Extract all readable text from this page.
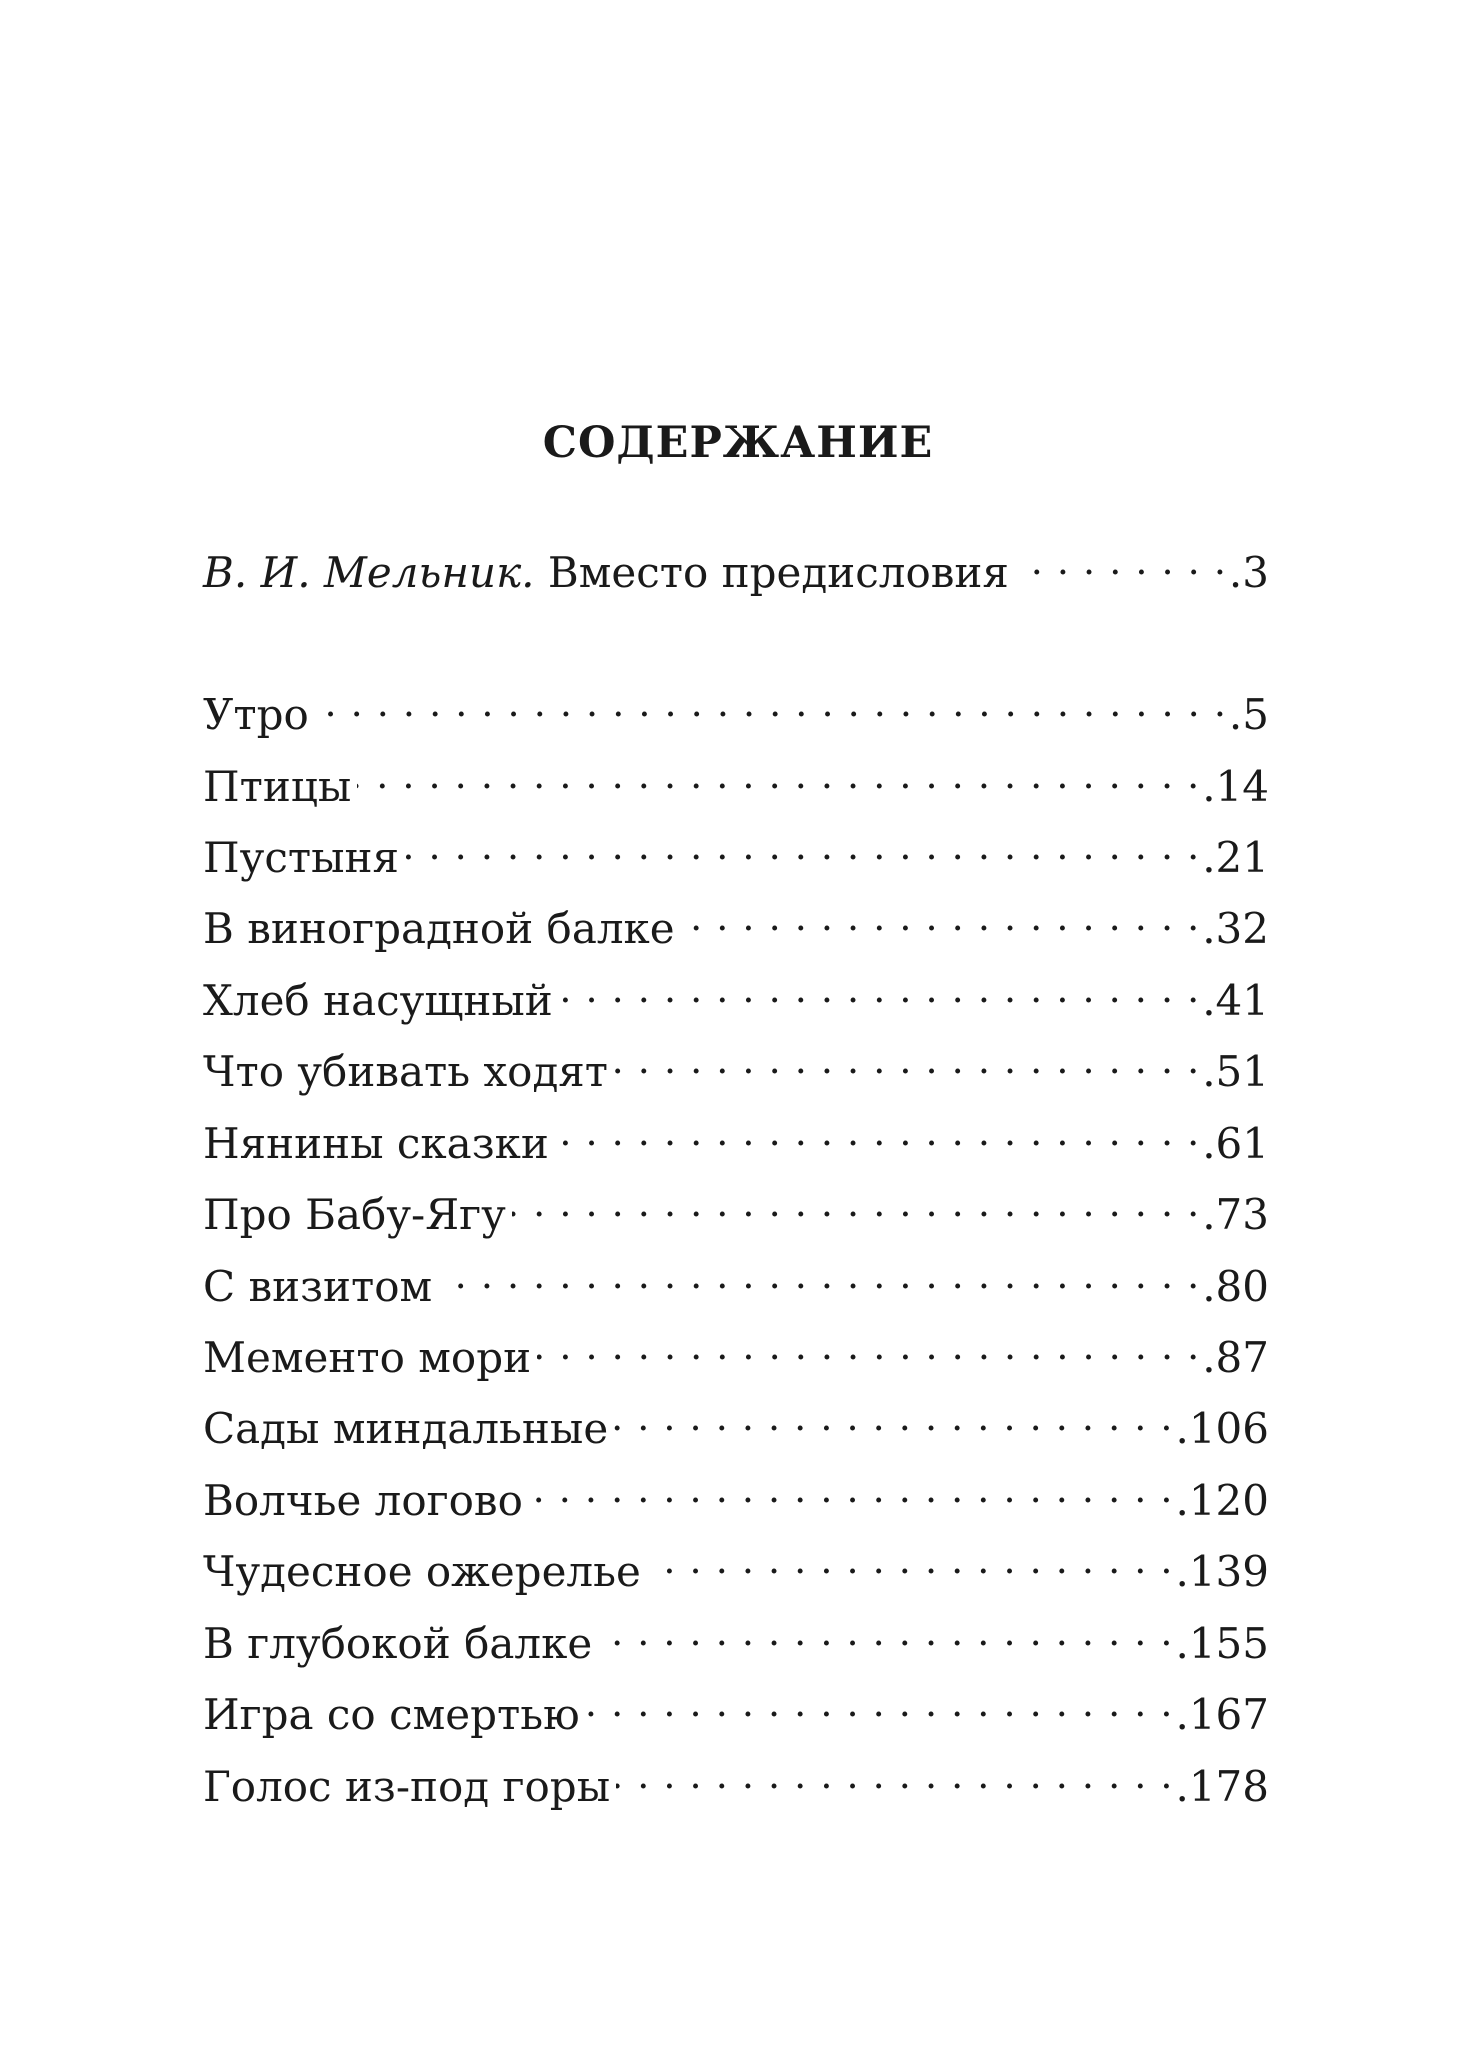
СОДЕРЖАНИЕ
В. И. Мельник. Вместо предисловия . . .	.3
Утро . . .	.5
Птицы . . .	.14
Пустыня . . .	.21
В виноградной балке . . .	.32
Хлеб насущный . . .	.41
Что убивать ходят . . .	.51
Нянины сказки . . .	.61
Про Бабу-Ягу . . .	.73
С визитом . . .	.80
Мементо мори . . .	.87
Сады миндальные . . .	.106
Волчье логово . . .	.120
Чудесное ожерелье . . .	.139
В глубокой балке . . .	.155
Игра со смертью . . .	.167
Голос из-под горы . . .	.178
